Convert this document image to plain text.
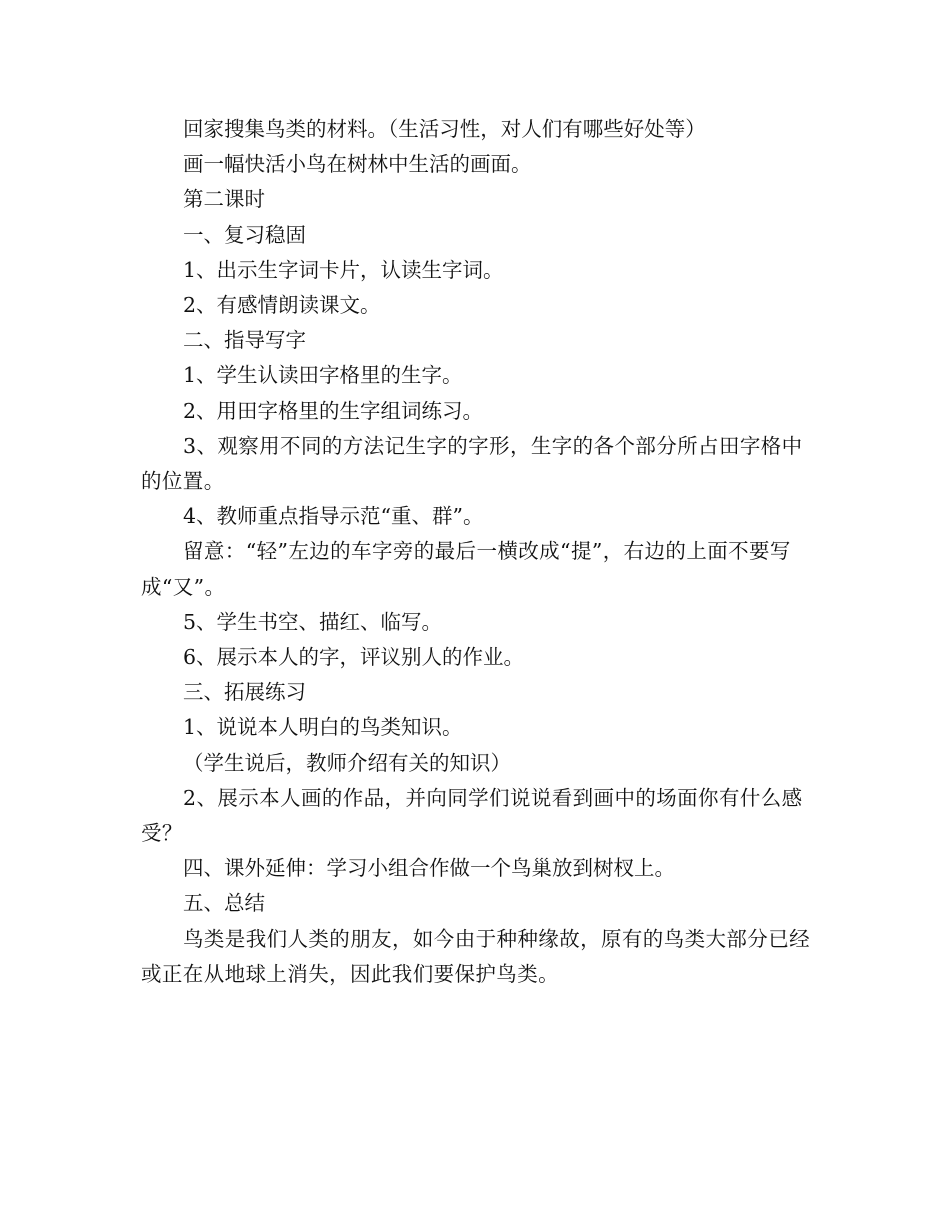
回家搜集鸟类的材料。（生活习性，对人们有哪些好处等）

画一幅快活小鸟在树林中生活的画面。

第二课时

一、复习稳固

1、出示生字词卡片，认读生字词。

2、有感情朗读课文。

二、指导写字

1、学生认读田字格里的生字。

2、用田字格里的生字组词练习。

3、观察用不同的方法记生字的字形，生字的各个部分所占田字格中的位置。

4、教师重点指导示范“重、群”。

留意：“轻”左边的车字旁的最后一横改成“提”，右边的上面不要写成“又”。

5、学生书空、描红、临写。

6、展示本人的字，评议别人的作业。

三、拓展练习

1、说说本人明白的鸟类知识。

（学生说后，教师介绍有关的知识）

2、展示本人画的作品，并向同学们说说看到画中的场面你有什么感受？

四、课外延伸：学习小组合作做一个鸟巢放到树杈上。

五、总结

鸟类是我们人类的朋友，如今由于种种缘故，原有的鸟类大部分已经或正在从地球上消失，因此我们要保护鸟类。
